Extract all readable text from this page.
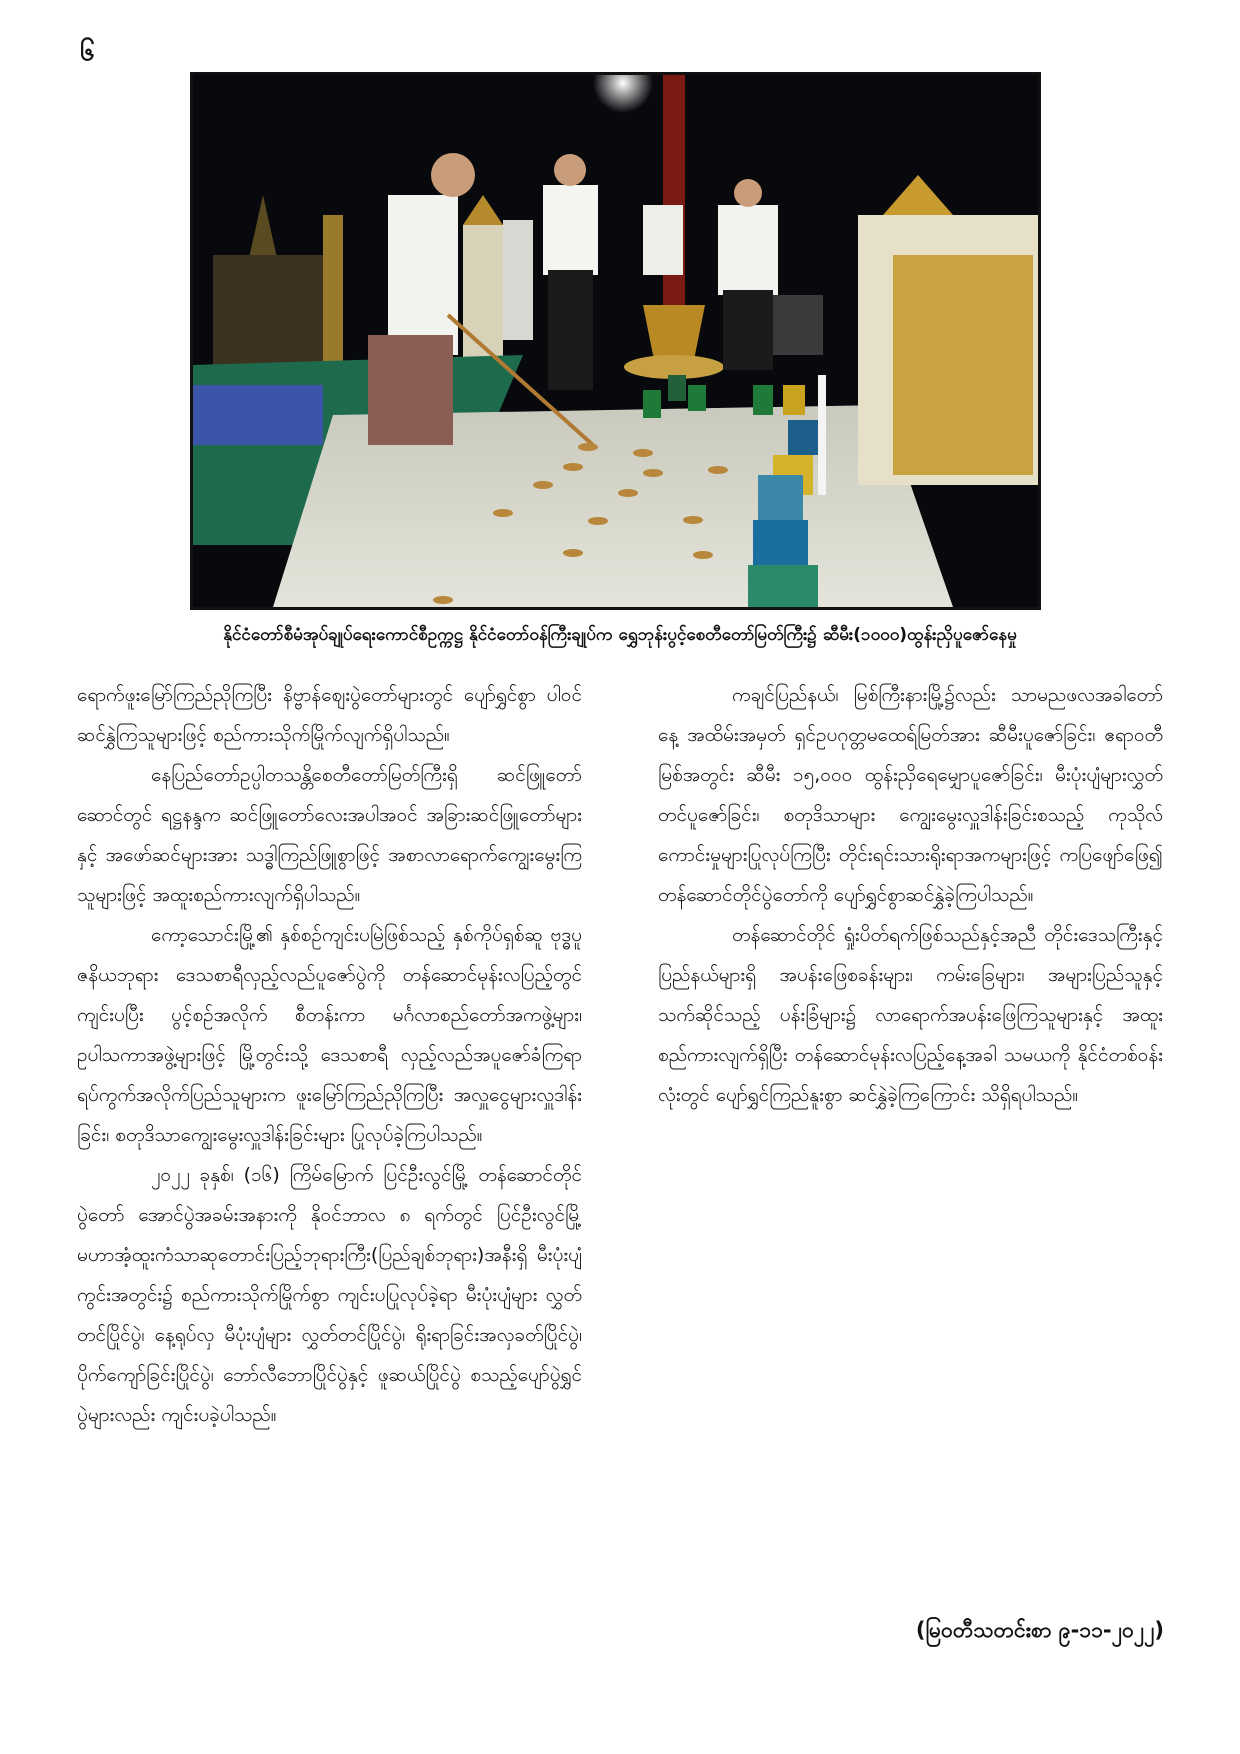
၆
နိုင်ငံတော်စီမံအုပ်ချုပ်ရေးကောင်စီဥက္ကဋ္ဌ နိုင်ငံတော်ဝန်ကြီးချုပ်က ရွှေဘုန်းပွင့်စေတီတော်မြတ်ကြီး၌ ဆီမီး(၁၀၀၀)ထွန်းညှိပူဇော်နေမှု

ရောက်ဖူးမြော်ကြည်ညိုကြပြီး နိဗ္ဗာန်စျေးပွဲတော်များတွင် ပျော်ရွှင်စွာ ပါဝင်ဆင်နွှဲကြသူများဖြင့် စည်ကားသိုက်မြိုက်လျက်ရှိပါသည်။

နေပြည်တော်ဥပ္ပါတသန္တိစေတီတော်မြတ်ကြီးရှိ ဆင်ဖြူတော်ဆောင်တွင် ရဋ္ဌနန္ဒက ဆင်ဖြူတော်လေးအပါအဝင် အခြားဆင်ဖြူတော်များနှင့် အဖော်ဆင်များအား သဒ္ဓါကြည်ဖြူစွာဖြင့် အစာလာရောက်ကျွေးမွေးကြသူများဖြင့် အထူးစည်ကားလျက်ရှိပါသည်။

ကော့သောင်းမြို့၏ နှစ်စဉ်ကျင်းပမြဲဖြစ်သည့် နှစ်ကိုပ်ရှစ်ဆူ ဗုဒ္ဓပူဇနိယဘုရား ဒေသစာရီလှည့်လည်ပူဇော်ပွဲကို တန်ဆောင်မုန်းလပြည့်တွင် ကျင်းပပြီး ပွင့်စဉ်အလိုက် စီတန်းကာ မင်္ဂလာစည်တော်အကဖွဲ့များ၊ ဥပါသကာအဖွဲ့များဖြင့် မြို့တွင်းသို့ ဒေသစာရီ လှည့်လည်အပူဇော်ခံကြရာ ရပ်ကွက်အလိုက်ပြည်သူများက ဖူးမြော်ကြည်ညိုကြပြီး အလှူငွေများလှူဒါန်းခြင်း၊ စတုဒိသာကျွေးမွေးလှူဒါန်းခြင်းများ ပြုလုပ်ခဲ့ကြပါသည်။

၂၀၂၂ ခုနှစ်၊ (၁၆) ကြိမ်မြောက် ပြင်ဦးလွင်မြို့ တန်ဆောင်တိုင်ပွဲတော် အောင်ပွဲအခမ်းအနားကို နိုဝင်ဘာလ ၈ ရက်တွင် ပြင်ဦးလွင်မြို့ မဟာအံ့ထူးကံသာဆုတောင်းပြည့်ဘုရားကြီး(ပြည်ချစ်ဘုရား)အနီးရှိ မီးပုံးပျံကွင်းအတွင်း၌ စည်ကားသိုက်မြိုက်စွာ ကျင်းပပြုလုပ်ခဲ့ရာ မီးပုံးပျံများ လွှတ်တင်ပြိုင်ပွဲ၊ နေ့ရုပ်လှ မီပုံးပျံများ လွှတ်တင်ပြိုင်ပွဲ၊ ရိုးရာခြင်းအလှခတ်ပြိုင်ပွဲ၊ ပိုက်ကျော်ခြင်းပြိုင်ပွဲ၊ ဘော်လီဘောပြိုင်ပွဲနှင့် ဖူဆယ်ပြိုင်ပွဲ စသည့်ပျော်ပွဲရွှင်ပွဲများလည်း ကျင်းပခဲ့ပါသည်။

ကချင်ပြည်နယ်၊ မြစ်ကြီးနားမြို့၌လည်း သာမညဖလအခါတော်နေ့ အထိမ်းအမှတ် ရှင်ဥပဂုတ္တမထေရ်မြတ်အား ဆီမီးပူဇော်ခြင်း၊ ဧရာဝတီမြစ်အတွင်း ဆီမီး ၁၅,၀၀၀ ထွန်းညှိရေမျှောပူဇော်ခြင်း၊ မီးပုံးပျံများလွှတ်တင်ပူဇော်ခြင်း၊ စတုဒိသာများ ကျွေးမွေးလှူဒါန်းခြင်းစသည့် ကုသိုလ်ကောင်းမှုများပြုလုပ်ကြပြီး တိုင်းရင်းသားရိုးရာအကများဖြင့် ကပြဖျော်ဖြေ၍ တန်ဆောင်တိုင်ပွဲတော်ကို ပျော်ရွှင်စွာဆင်နွှဲခဲ့ကြပါသည်။

တန်ဆောင်တိုင် ရှုံးပိတ်ရက်ဖြစ်သည်နှင့်အညီ တိုင်းဒေသကြီးနှင့် ပြည်နယ်များရှိ အပန်းဖြေစခန်းများ၊ ကမ်းခြေများ၊ အများပြည်သူနှင့်သက်ဆိုင်သည့် ပန်းခြံများ၌ လာရောက်အပန်းဖြေကြသူများနှင့် အထူးစည်ကားလျက်ရှိပြီး တန်ဆောင်မုန်းလပြည့်နေ့အခါ သမယကို နိုင်ငံတစ်ဝန်းလုံးတွင် ပျော်ရွှင်ကြည်နူးစွာ ဆင်နွှဲခဲ့ကြကြောင်း သိရှိရပါသည်။

(မြဝတီသတင်းစာ ၉-၁၁-၂၀၂၂)
